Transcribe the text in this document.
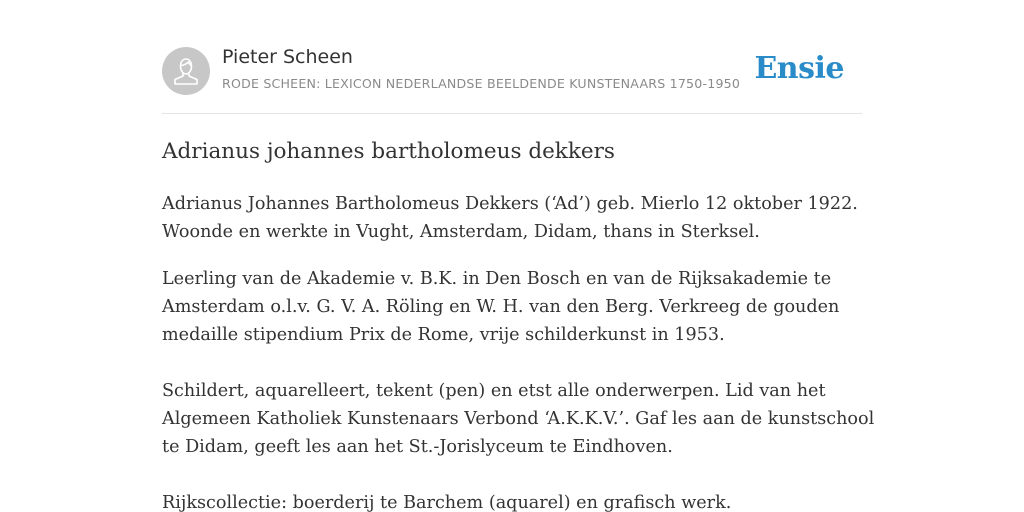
Pieter Scheen
RODE SCHEEN: LEXICON NEDERLANDSE BEELDENDE KUNSTENAARS 1750-1950 Ensie
Adrianus johannes bartholomeus dekkers

Adrianus Johannes Bartholomeus Dekkers (‘Ad’) geb. Mierlo 12 oktober 1922.
Woonde en werkte in Vught, Amsterdam, Didam, thans in Sterksel.

Leerling van de Akademie v. B.K. in Den Bosch en van de Rijksakademie te
Amsterdam o.l.v. G. V. A. Röling en W. H. van den Berg. Verkreeg de gouden
medaille stipendium Prix de Rome, vrije schilderkunst in 1953.

Schildert, aquarelleert, tekent (pen) en etst alle onderwerpen. Lid van het
Algemeen Katholiek Kunstenaars Verbond ‘A.K.K.V.’. Gaf les aan de kunstschool
te Didam, geeft les aan het St.-Jorislyceum te Eindhoven.

Rijkscollectie: boerderij te Barchem (aquarel) en grafisch werk.
